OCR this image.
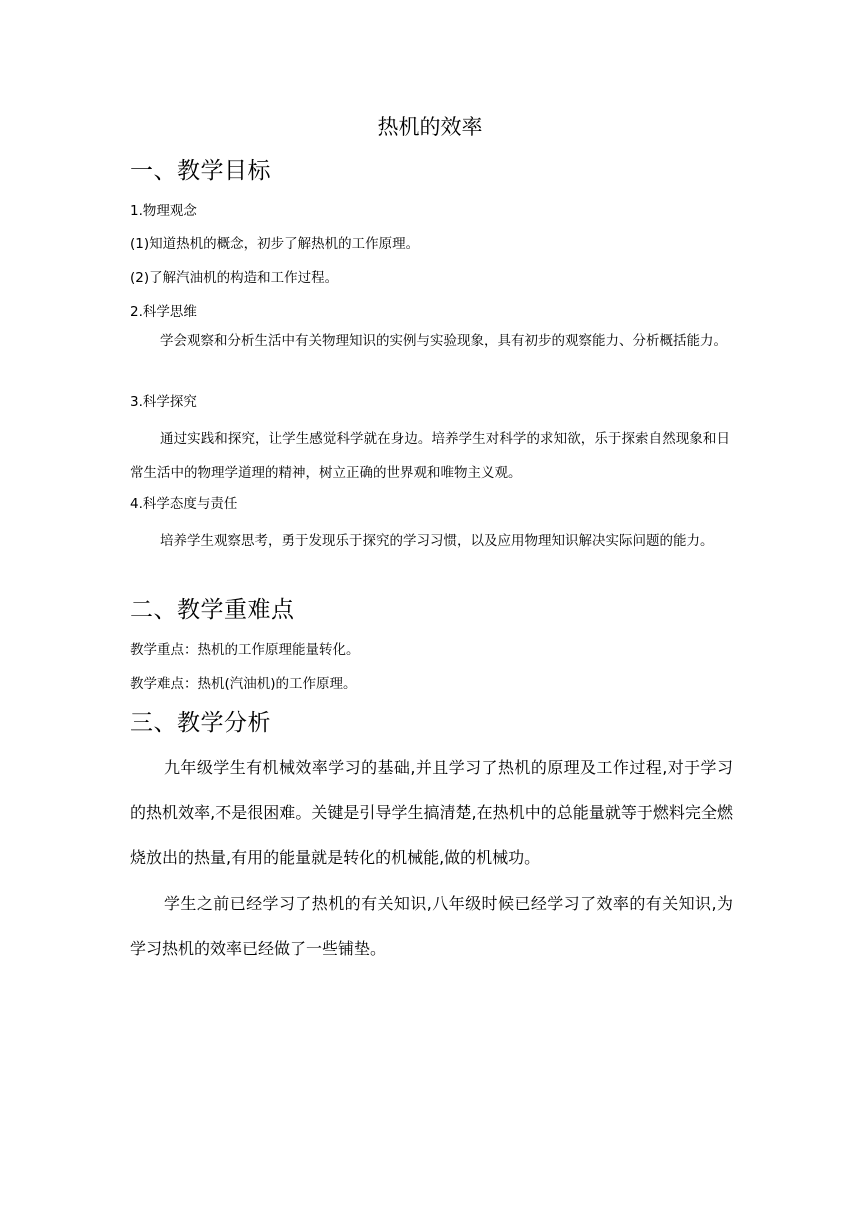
热机的效率
一、教学目标
1.物理观念
(1)知道热机的概念，初步了解热机的工作原理。
(2)了解汽油机的构造和工作过程。
2.科学思维
学会观察和分析生活中有关物理知识的实例与实验现象，具有初步的观察能力、分析概括能力。
3.科学探究
通过实践和探究，让学生感觉科学就在身边。培养学生对科学的求知欲，乐于探索自然现象和日常生活中的物理学道理的精神，树立正确的世界观和唯物主义观。
4.科学态度与责任
培养学生观察思考，勇于发现乐于探究的学习习惯，以及应用物理知识解决实际问题的能力。
二、教学重难点
教学重点：热机的工作原理能量转化。
教学难点：热机(汽油机)的工作原理。
三、教学分析
九年级学生有机械效率学习的基础,并且学习了热机的原理及工作过程,对于学习的热机效率,不是很困难。关键是引导学生搞清楚,在热机中的总能量就等于燃料完全燃烧放出的热量,有用的能量就是转化的机械能,做的机械功。
学生之前已经学习了热机的有关知识,八年级时候已经学习了效率的有关知识,为学习热机的效率已经做了一些铺垫。
